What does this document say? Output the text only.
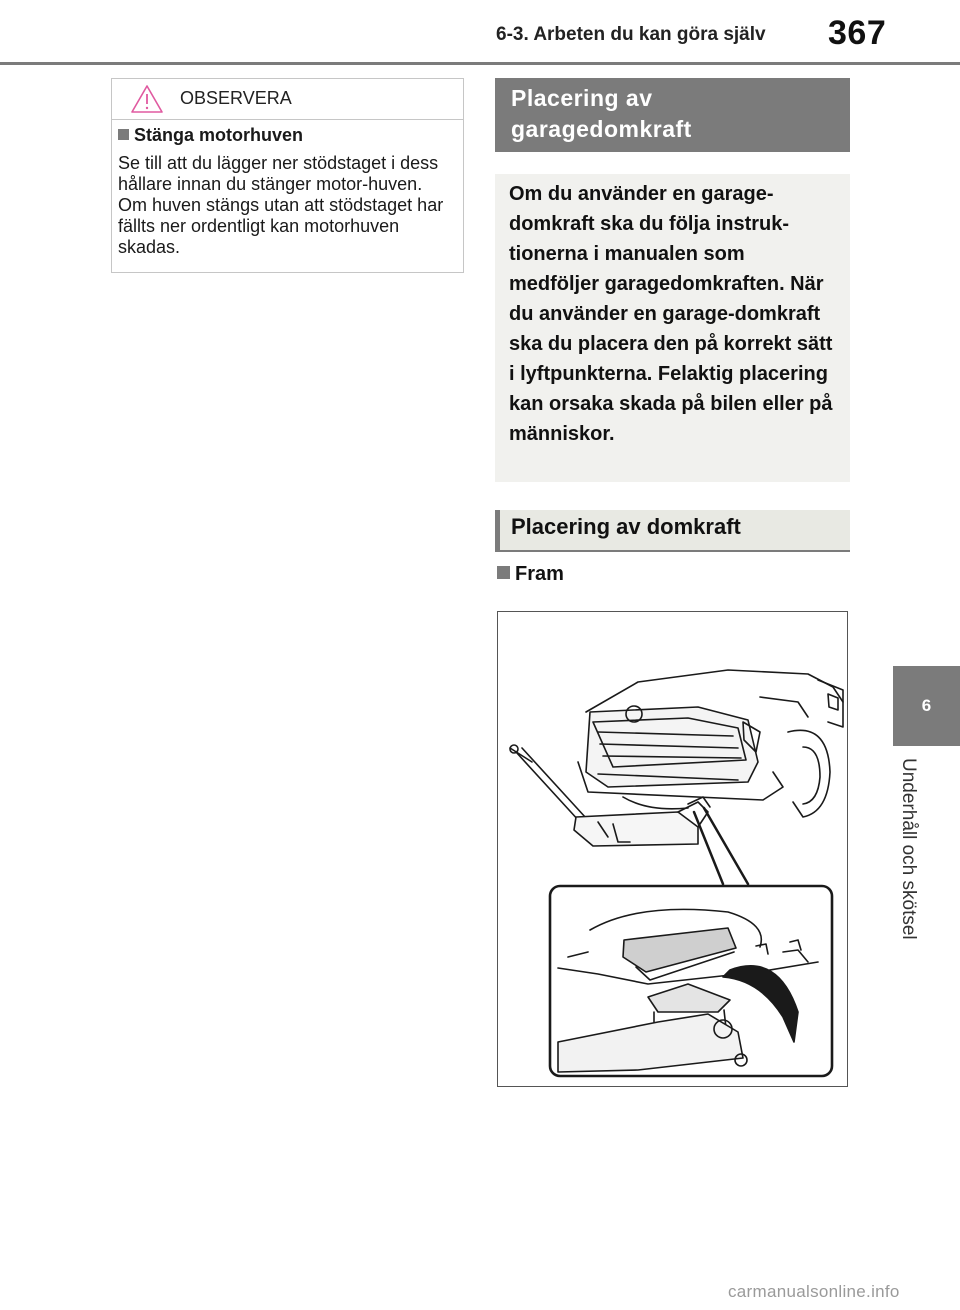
6-3. Arbeten du kan göra själv 367
6
Underhåll och skötsel
OBSERVERA
Stänga motorhuven
Se till att du lägger ner stödstaget i dess hållare innan du stänger motor-huven. Om huven stängs utan att stödstaget har fällts ner ordentligt kan motorhuven skadas.
Placering av garagedomkraft
Om du använder en garage-domkraft ska du följa instruk-tionerna i manualen som medföljer garagedomkraften. När du använder en garage-domkraft ska du placera den på korrekt sätt i lyftpunkterna. Felaktig placering kan orsaka skada på bilen eller på människor.
Placering av domkraft
Fram
carmanualsonline.info
